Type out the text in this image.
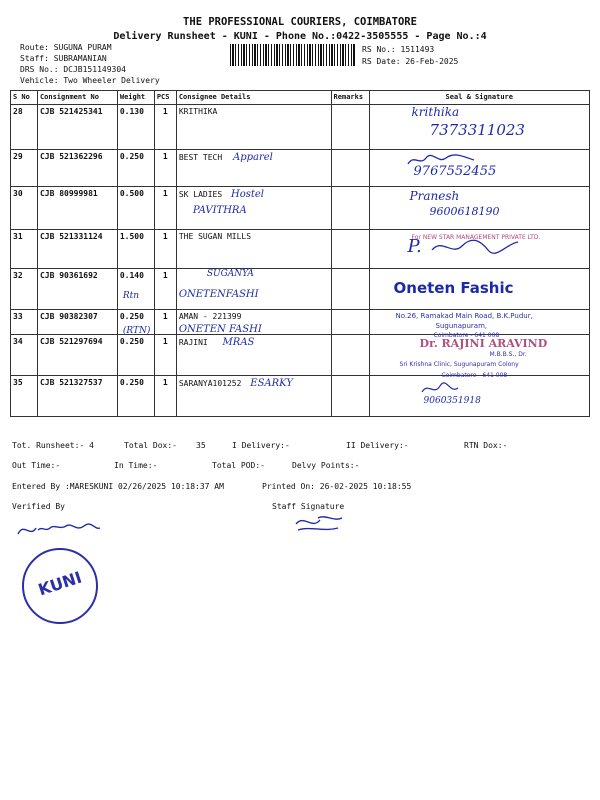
THE PROFESSIONAL COURIERS, COIMBATORE
Delivery Runsheet - KUNI - Phone No.:0422-3505555 - Page No.:4
Route: SUGUNA PURAM
Staff: SUBRAMANIAN
DRS No.: DCJB151149304
Vehicle: Two Wheeler Delivery
RS No.: 1511493
RS Date: 26-Feb-2025
S No	Consignment No	Weight	PCS	Consignee Details	Remarks	Seal & Signature
28	CJB 521425341	0.130	1	KRITHIKA		krithika
7373311023

29	CJB 521362296	0.250	1	BEST TECH Apparel		9767552455

30	CJB 80999981	0.500	1	SK LADIES Hostel
PAVITHRA		Pranesh
9600618190

31	CJB 521331124	1.500	1	THE SUGAN MILLS		For NEW STAR MANAGEMENT PRIVATE LTD.
P.

32	CJB 90361692	0.140	1	SUGANYA
Rtn ONETENFASHI		Oneten Fashic

33	CJB 90382307	0.250	1	AMAN - 221399
(RTN) ONETEN FASHI		No.26, Ramakad Main Road, B.K.Pudur,
Sugunapuram,
Coimbatore - 641 008

34	CJB 521297694	0.250	1	RAJINI MRAS		Dr. RAJINI ARAVIND
M.B.B.S., Dr.
Sri Krishna Clinic, Sugunapuram Colony

35	CJB 521327537	0.250	1	SARANYA101252 ESARKY		Coimbatore - 641 008
9060351918
Tot. Runsheet:- 4	Total Dox:- 35	I Delivery:-	II Delivery:-	RTN Dox:-
Out Time:-	In Time:-	Total POD:-	Delvy Points:-
Entered By :MARESKUNI 02/26/2025 10:18:37 AM	Printed On: 26-02-2025 10:18:55
Verified By	Staff Signature
KUNI
